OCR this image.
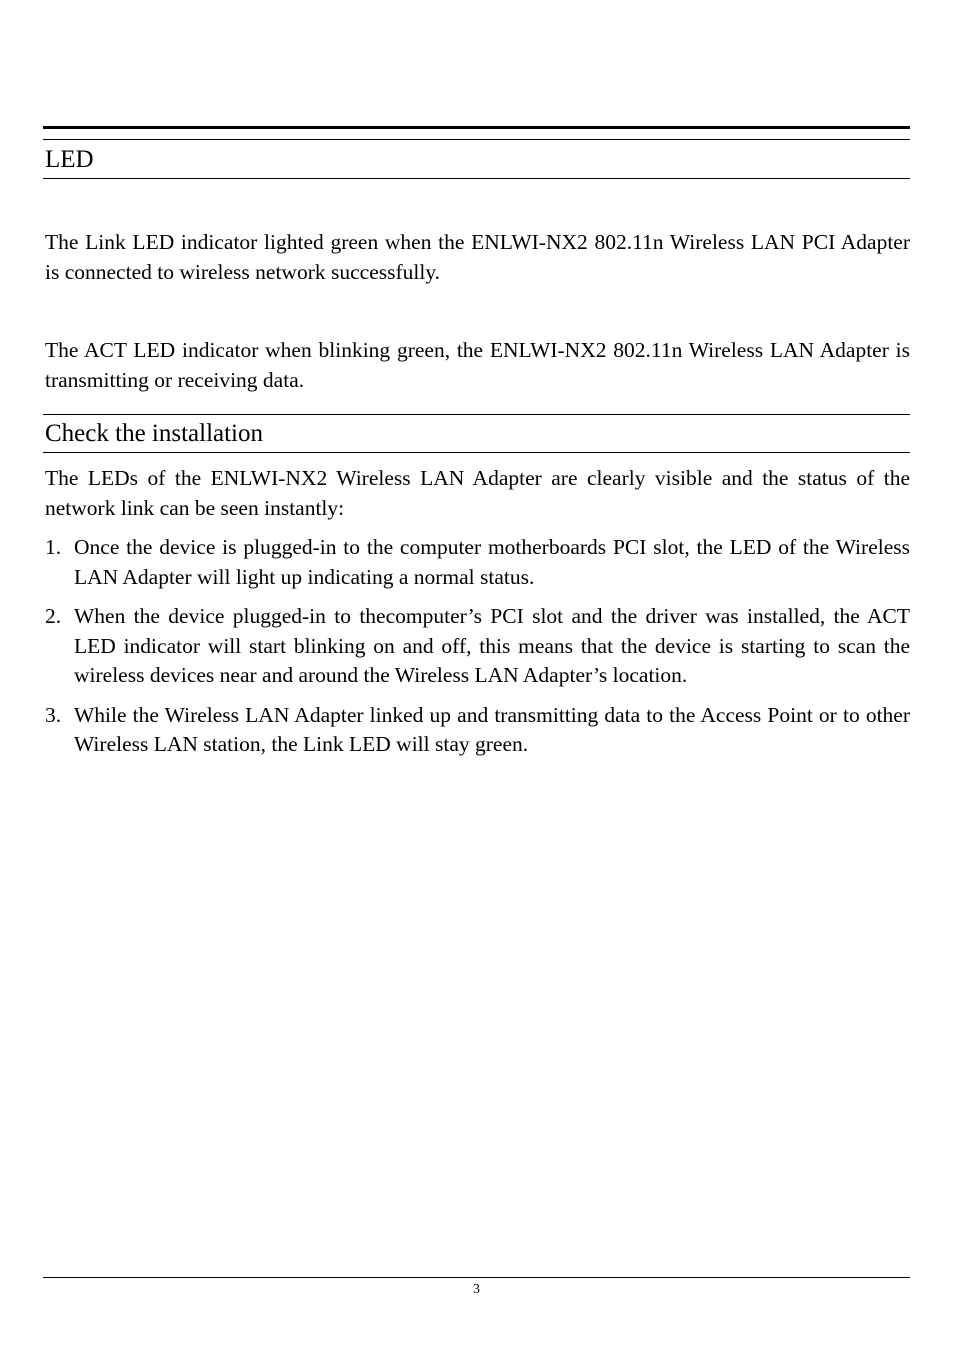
LED
The Link LED indicator lighted green when the ENLWI-NX2 802.11n Wireless LAN PCI Adapter is connected to wireless network successfully.
The ACT LED indicator when blinking green, the ENLWI-NX2 802.11n Wireless LAN Adapter is transmitting or receiving data.
Check the installation
The LEDs of the ENLWI-NX2 Wireless LAN Adapter are clearly visible and the status of the network link can be seen instantly:
1. Once the device is plugged-in to the computer motherboards PCI slot, the LED of the Wireless LAN Adapter will light up indicating a normal status.
2. When the device plugged-in to thecomputer’s PCI slot and the driver was installed, the ACT LED indicator will start blinking on and off, this means that the device is starting to scan the wireless devices near and around the Wireless LAN Adapter’s location.
3. While the Wireless LAN Adapter linked up and transmitting data to the Access Point or to other Wireless LAN station, the Link LED will stay green.
3
